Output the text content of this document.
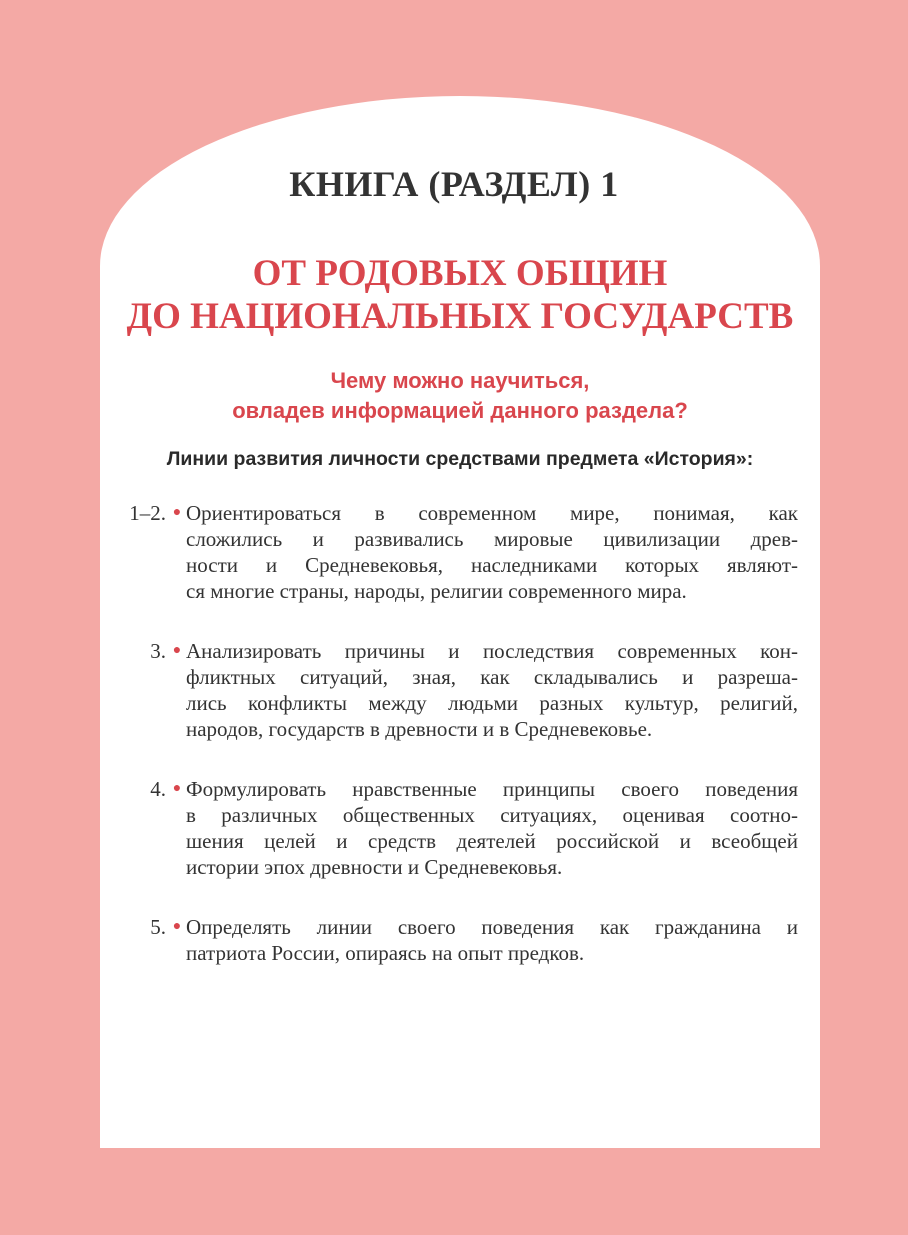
КНИГА (РАЗДЕЛ) 1
ОТ РОДОВЫХ ОБЩИН
ДО НАЦИОНАЛЬНЫХ ГОСУДАРСТВ
Чему можно научиться,
овладев информацией данного раздела?
Линии развития личности средствами предмета «История»:
1–2. ● Ориентироваться в современном мире, понимая, как
сложились и развивались мировые цивилизации древ-
ности и Средневековья, наследниками которых являют-
ся многие страны, народы, религии современного мира.
3. ● Анализировать причины и последствия современных кон-
фликтных ситуаций, зная, как складывались и разреша-
лись конфликты между людьми разных культур, религий,
народов, государств в древности и в Средневековье.
4. ● Формулировать нравственные принципы своего поведения
в различных общественных ситуациях, оценивая соотно-
шения целей и средств деятелей российской и всеобщей
истории эпох древности и Средневековья.
5. ● Определять линии своего поведения как гражданина и
патриота России, опираясь на опыт предков.
